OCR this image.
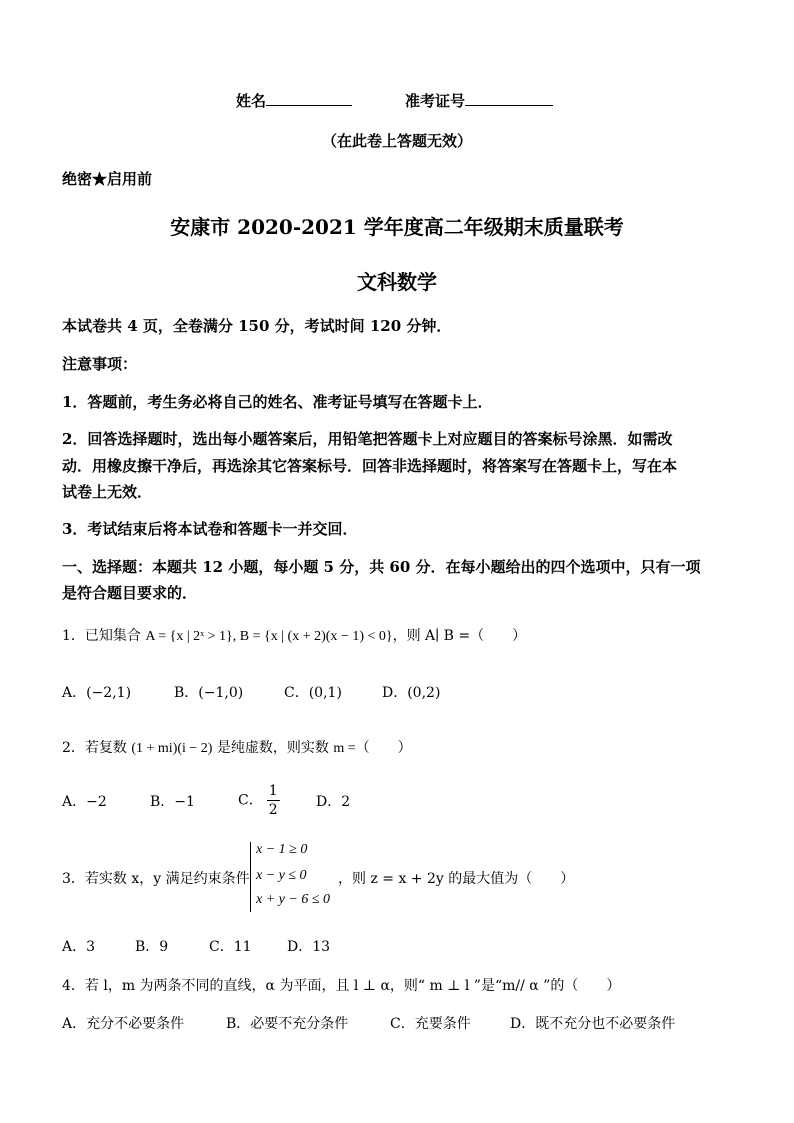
姓名	准考证号
（在此卷上答题无效）
绝密★启用前
安康市 2020-2021 学年度高二年级期末质量联考
文科数学
本试卷共 4 页，全卷满分 150 分，考试时间 120 分钟．
注意事项：
1．答题前，考生务必将自己的姓名、准考证号填写在答题卡上．
2．回答选择题时，选出每小题答案后，用铅笔把答题卡上对应题目的答案标号涂黑．如需改
动．用橡皮擦干净后，再选涂其它答案标号．回答非选择题时，将答案写在答题卡上，写在本
试卷上无效．
3．考试结束后将本试卷和答题卡一并交回．
一、选择题：本题共 12 小题，每小题 5 分，共 60 分．在每小题给出的四个选项中，只有一项
是符合题目要求的．
1．已知集合 A = {x | 2ˣ > 1}, B = {x | (x + 2)(x − 1) < 0}，则 A∣ B =（　　）
A．(−2,1)	B．(−1,0)	C．(0,1)	D．(0,2)
2．若复数 (1 + mi)(i − 2) 是纯虚数，则实数 m =（　　）
A．−2	B．−1	C． $\frac{1}{2}$	D．2
3．若实数 x，y 满足约束条件
x − 1 ≥ 0
x − y ≤ 0
x + y − 6 ≤ 0
，则 z = x + 2y 的最大值为（　　）
A．3	B．9	C．11	D．13
4．若 l，m 为两条不同的直线，α 为平面，且 l ⊥ α，则“ m ⊥ l ”是“m// α ”的（　　）
A．充分不必要条件	B．必要不充分条件	C．充要条件	D．既不充分也不必要条件
